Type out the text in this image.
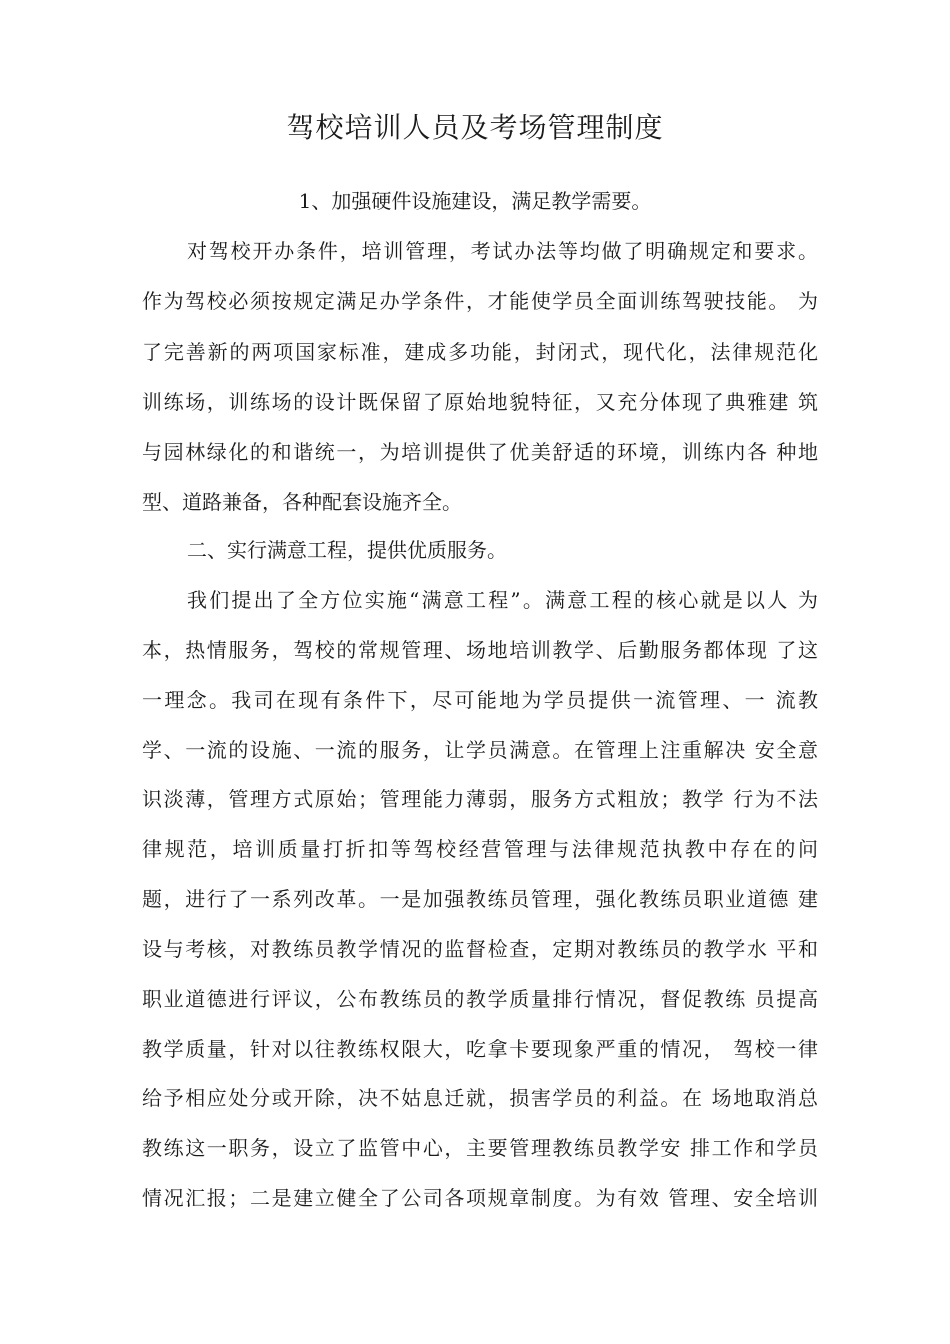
驾校培训人员及考场管理制度
1、加强硬件设施建设，满足教学需要。
对驾校开办条件，培训管理，考试办法等均做了明确规定和要求。
作为驾校必须按规定满足办学条件，才能使学员全面训练驾驶技能。 为
了完善新的两项国家标准，建成多功能，封闭式，现代化，法律规范化
训练场，训练场的设计既保留了原始地貌特征，又充分体现了典雅建 筑
与园林绿化的和谐统一，为培训提供了优美舒适的环境，训练内各 种地
型、道路兼备，各种配套设施齐全。
二、实行满意工程，提供优质服务。
我们提出了全方位实施“满意工程”。满意工程的核心就是以人 为
本，热情服务，驾校的常规管理、场地培训教学、后勤服务都体现 了这
一理念。我司在现有条件下，尽可能地为学员提供一流管理、一 流教
学、一流的设施、一流的服务，让学员满意。在管理上注重解决 安全意
识淡薄，管理方式原始；管理能力薄弱，服务方式粗放；教学 行为不法
律规范，培训质量打折扣等驾校经营管理与法律规范执教中存在的问
题，进行了一系列改革。一是加强教练员管理，强化教练员职业道德 建
设与考核，对教练员教学情况的监督检查，定期对教练员的教学水 平和
职业道德进行评议，公布教练员的教学质量排行情况，督促教练 员提高
教学质量，针对以往教练权限大，吃拿卡要现象严重的情况， 驾校一律
给予相应处分或开除，决不姑息迁就，损害学员的利益。在 场地取消总
教练这一职务，设立了监管中心，主要管理教练员教学安 排工作和学员
情况汇报；二是建立健全了公司各项规章制度。为有效 管理、安全培训
